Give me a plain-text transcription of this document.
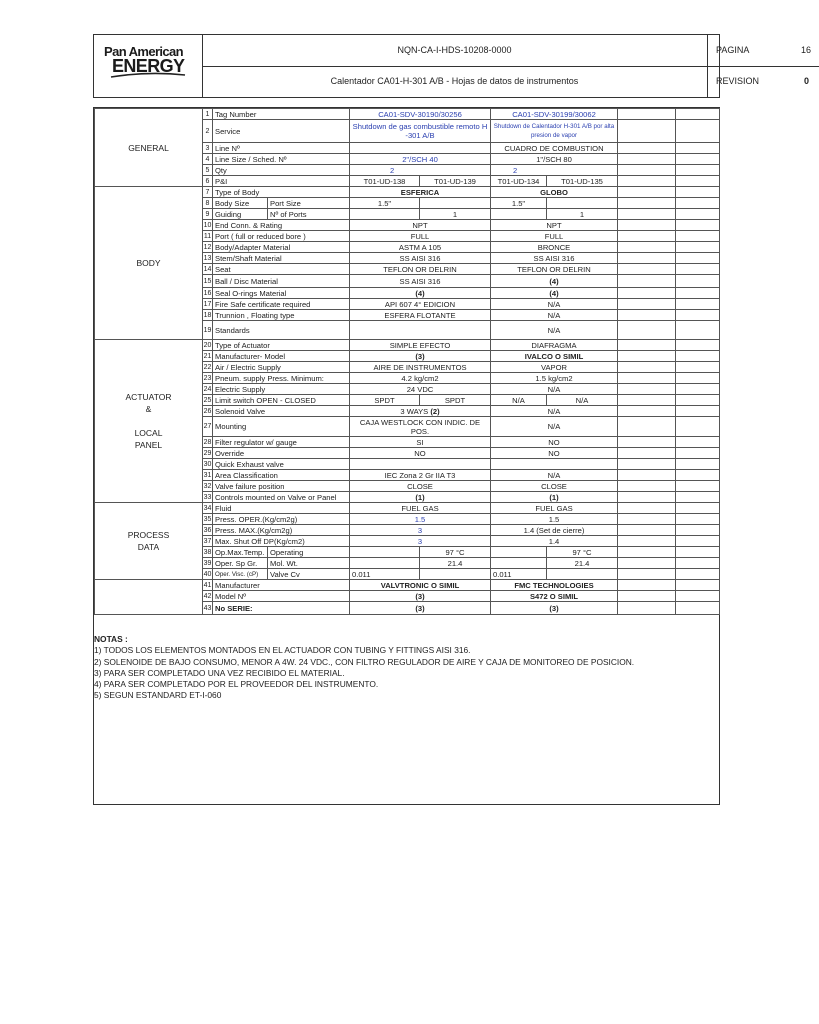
Pan American
ENERGY
NQN-CA-I-HDS-10208-0000
Calentador CA01-H-301 A/B - Hojas de datos de instrumentos
PAGINA	16
REVISION	0
GENERAL	1	Tag Number		CA01-SDV-30190/30256		CA01-SDV-30199/30062			
	2	Service		Shutdown de gas combustible remoto H -301 A/B		Shutdown de Calentador H-301 A/B por alta presion de vapor			
	3	Line Nº				CUADRO DE COMBUSTION			
	4	Line Size / Sched. Nº		2"/SCH 40		1"/SCH 80			
	5	Qty		2		2			
	6	P&I		T01-UD-138	T01-UD-139	T01-UD-134	T01-UD-135		
BODY	7	Type of Body		ESFERICA		GLOBO			
	8	Body Size	Port Size	1.5"		1.5"			
	9	Guiding	Nº of Ports		1		1		
	10	End Conn. & Rating		NPT		NPT			
	11	Port ( full or reduced bore )		FULL		FULL			
	12	Body/Adapter Material		ASTM A 105		BRONCE			
	13	Stem/Shaft Material		SS AISI 316		SS AISI 316			
	14	Seat		TEFLON OR DELRIN		TEFLON OR DELRIN			
	15	Ball / Disc Material		SS AISI 316		(4)			
	16	Seal O-rings Material		(4)		(4)			
	17	Fire Safe certificate required		API 607 4° EDICION		N/A			
	18	Trunnion , Floating type		ESFERA FLOTANTE		N/A			
	19	Standards				N/A			
ACTUATOR
&

LOCAL
PANEL	20	Type of Actuator		SIMPLE EFECTO		DIAFRAGMA			
	21	Manufacturer- Model		(3)		IVALCO O SIMIL			
	22	Air / Electric Supply		AIRE DE INSTRUMENTOS		VAPOR			
	23	Pneum. supply Press. Minimum:		4.2 kg/cm2		1.5 kg/cm2			
	24	Electric Supply		24 VDC		N/A			
	25	Limit switch OPEN - CLOSED		SPDT	SPDT	N/A	N/A		
	26	Solenoid Valve		3 WAYS (2)		N/A			
	27	Mounting		CAJA WESTLOCK CON INDIC. DE POS.		N/A			
	28	Filter regulator w/ gauge		SI		NO			
	29	Override		NO		NO			
	30	Quick Exhaust valve							
	31	Area Classification		IEC Zona 2 Gr IIA T3		N/A			
	32	Valve failure position		CLOSE		CLOSE			
	33	Controls mounted on Valve or Panel		(1)		(1)			
PROCESS
DATA	34	Fluid		FUEL GAS		FUEL GAS			
	35	Press. OPER.(Kg/cm2g)		1.5		1.5			
	36	Press. MAX.(Kg/cm2g)		3		1.4 (Set de cierre)			
	37	Max. Shut Off DP(Kg/cm2)		3		1.4			
	38	Op.Max.Temp.	Operating		97 °C		97 °C		
	39	Oper. Sp Gr.	Mol. Wt.		21.4		21.4		
	40	Oper. Visc. (cP)	Valve Cv	0.011		0.011			
	41	Manufacturer		VALVTRONIC O SIMIL		FMC TECHNOLOGIES			
	42	Model Nº		(3)		S472 O SIMIL			
	43	No SERIE:		(3)		(3)			
NOTAS :
1) TODOS LOS ELEMENTOS MONTADOS EN EL ACTUADOR CON TUBING Y FITTINGS AISI 316.
2) SOLENOIDE DE BAJO CONSUMO, MENOR A 4W. 24 VDC., CON FILTRO REGULADOR DE AIRE Y CAJA DE MONITOREO DE POSICION.
3) PARA SER COMPLETADO UNA VEZ RECIBIDO EL MATERIAL.
4) PARA SER COMPLETADO POR EL PROVEEDOR DEL INSTRUMENTO.
5) SEGUN ESTANDARD ET-I-060
